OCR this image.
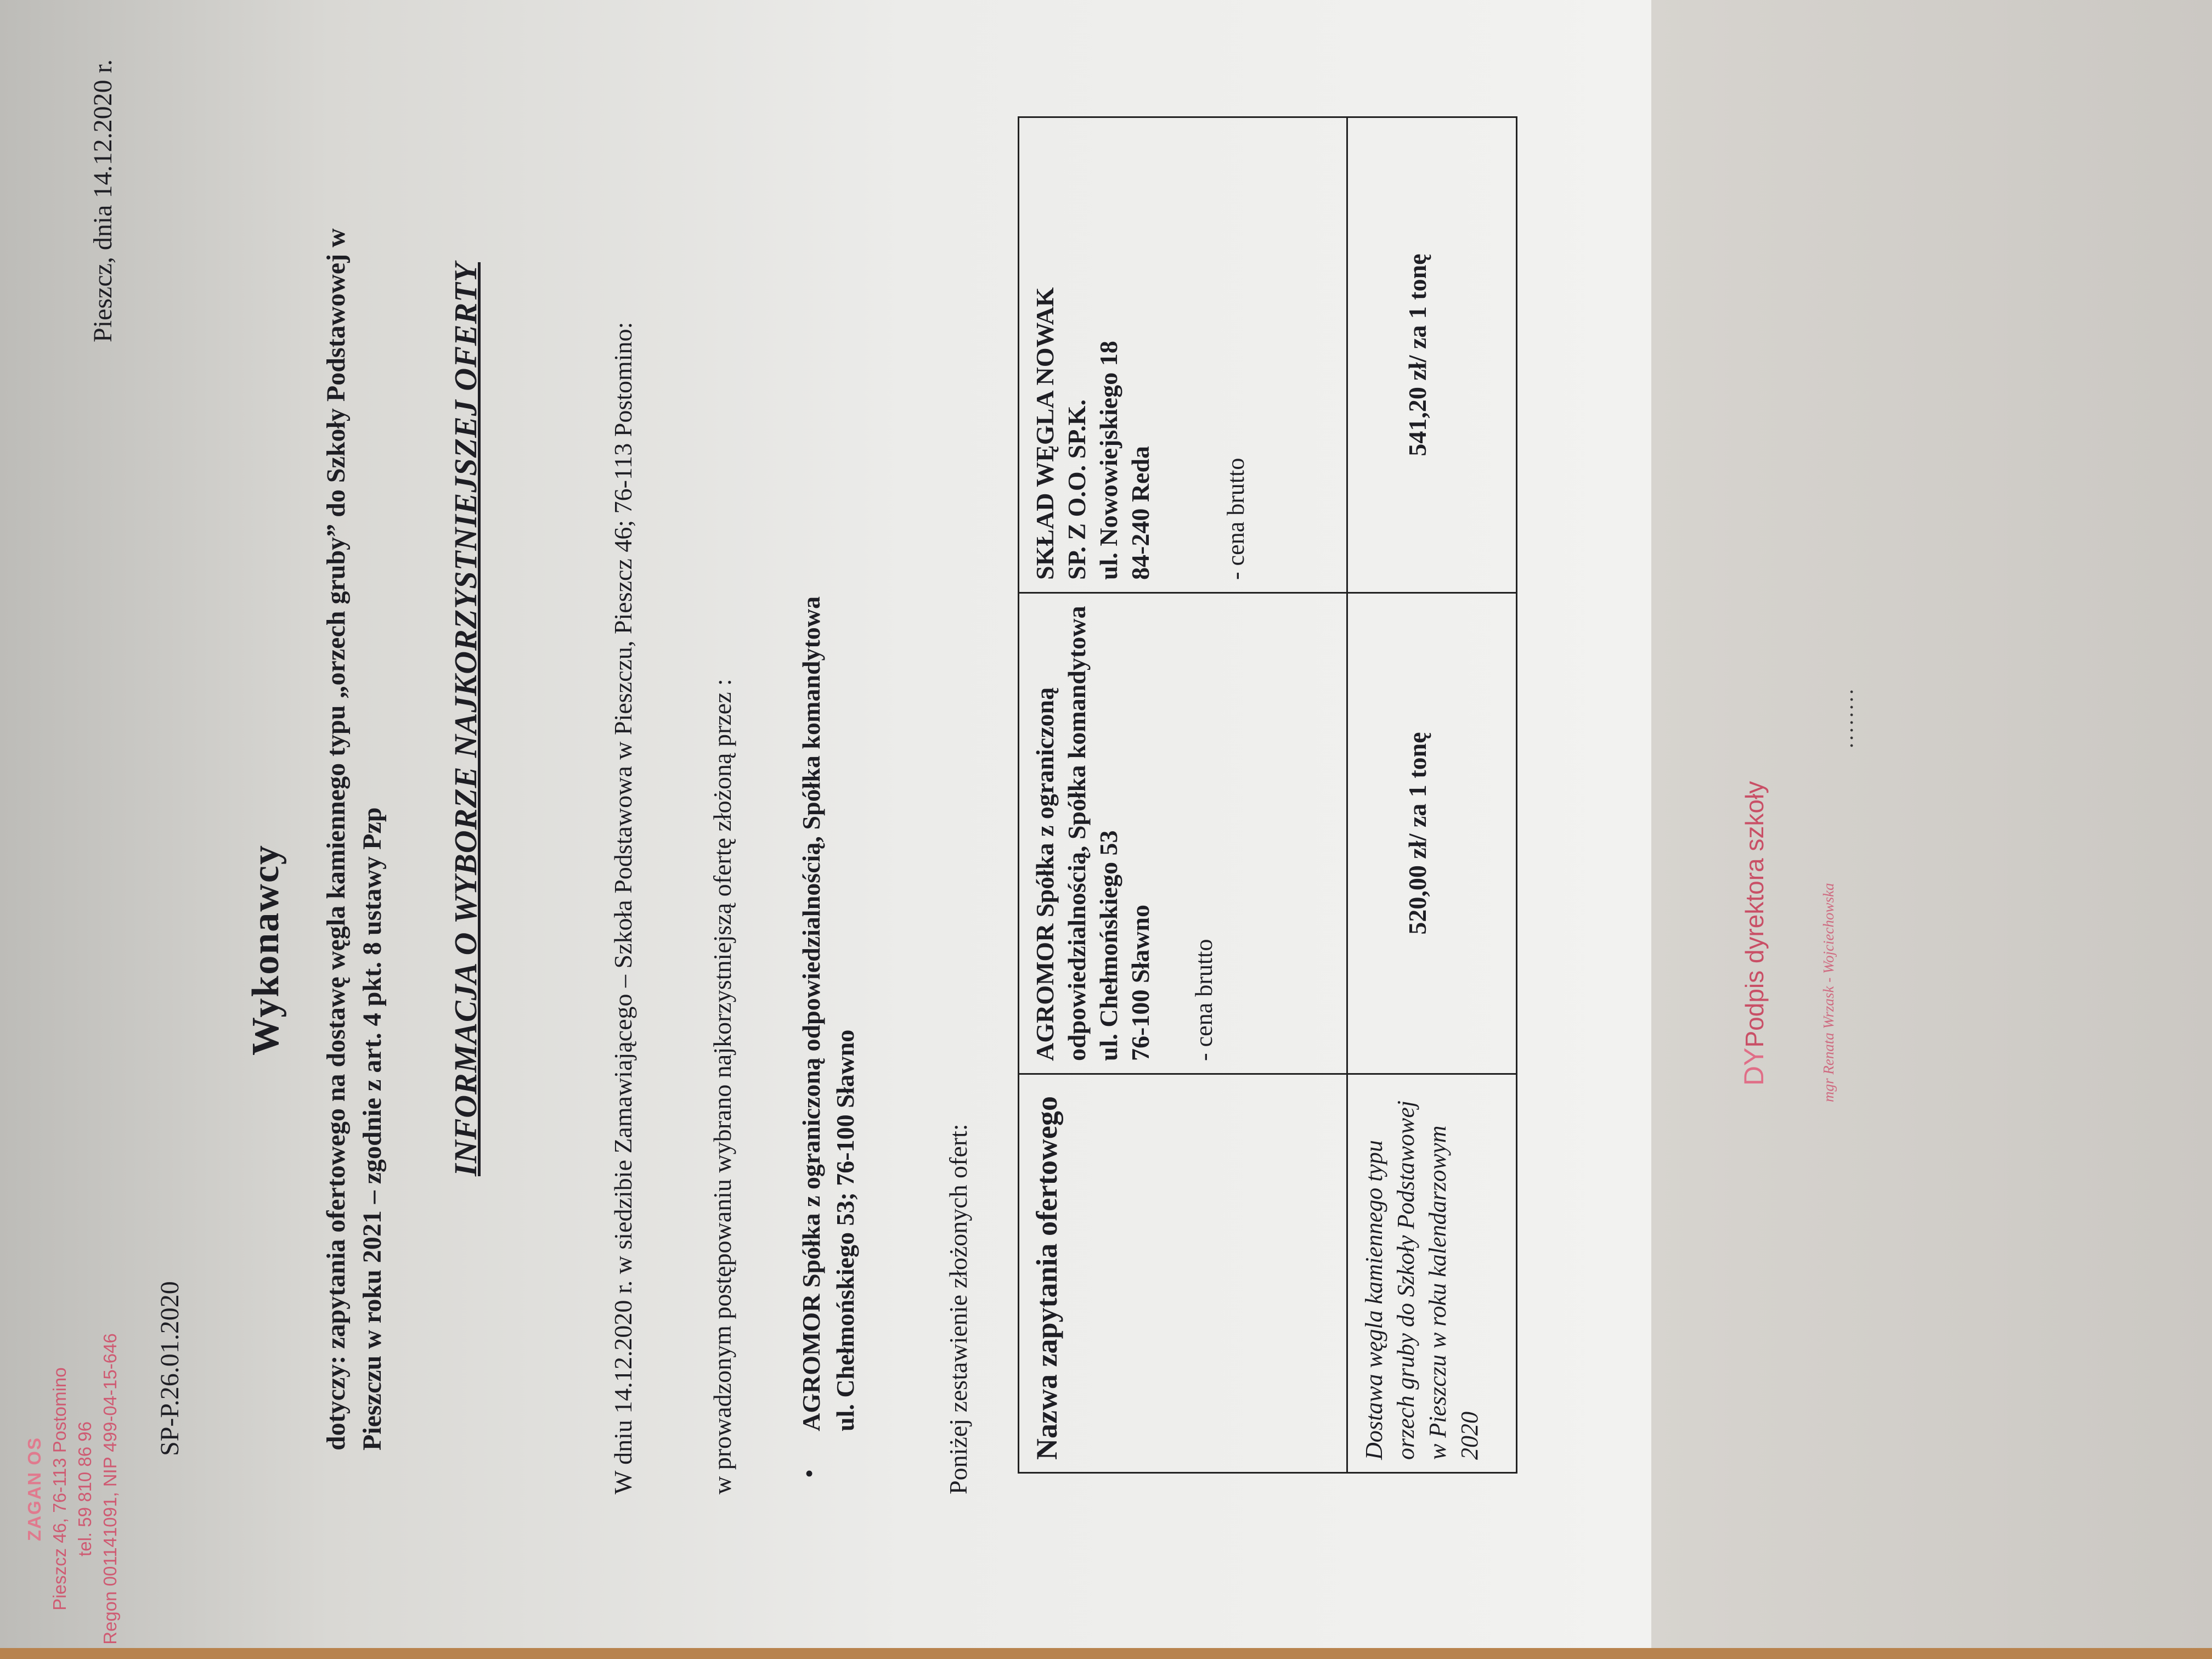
ZAGAN OS Pieszcz 46, 76-113 Postomino tel. 59 810 86 96 Regon 001141091, NIP 499-04-15-646 SP-P.26.01.2020
Pieszcz, dnia 14.12.2020 r.
Wykonawcy dotyczy: zapytania ofertowego na dostawę węgla kamiennego typu „orzech gruby” do Szkoły Podstawowej w Pieszczu w roku 2021 – zgodnie z art. 4 pkt. 8 ustawy Pzp INFORMACJA O WYBORZE NAJKORZYSTNIEJSZEJ OFERTY	W dniu 14.12.2020 r. w siedzibie Zamawiającego – Szkoła Podstawowa w Pieszczu, Pieszcz 46; 76-113 Postomino:	w prowadzonym postępowaniu wybrano najkorzystniejszą ofertę złożoną przez : •
AGROMOR Spółka z ograniczoną odpowiedzialnością, Spółka komandytowa ul. Chełmońskiego 53; 76-100 Sławno	Poniżej zestawienie złożonych ofert: Nazwa zapytania ofertowego	AGROMOR Spółka z ograniczoną odpowiedzialnością, Spółka komandytowa ul. Chełmońskiego 53 76-100 Sławno - cena brutto	SKŁAD WĘGLA NOWAK SP. Z O.O. SP.K. ul. Nowowiejskiego 18 84-240 Reda - cena brutto

Dostawa węgla kamiennego typu orzech gruby do Szkoły Podstawowej w Pieszczu w roku kalendarzowym 2020	520,00 zł/ za 1 tonę	541,20 zł/ za 1 tonę
DYPodpis dyrektora szkoły	mgr Renata Wrzask - Wojciechowska
........
